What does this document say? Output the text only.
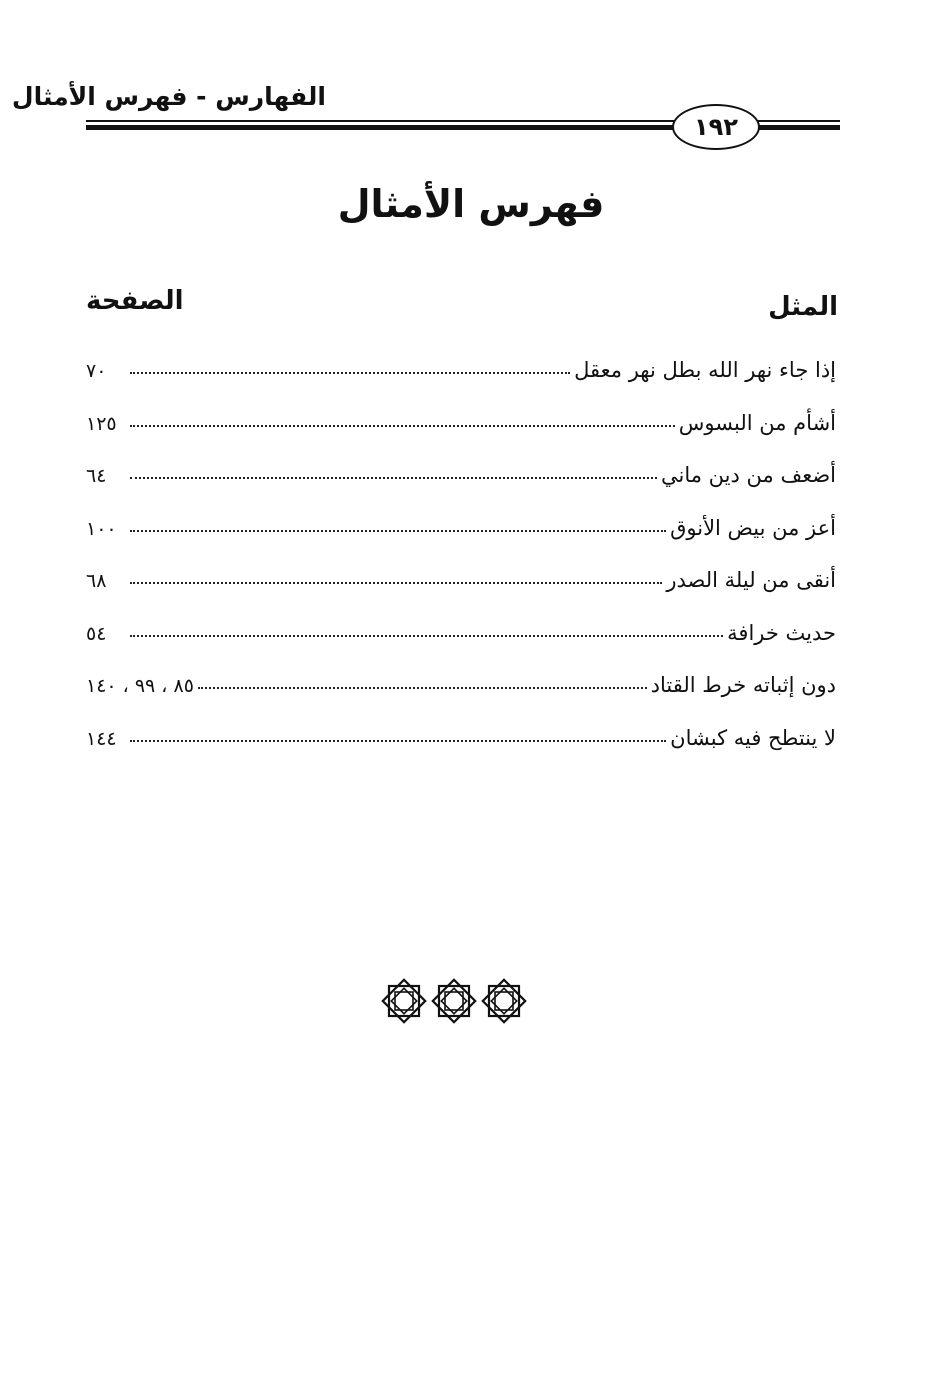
الفهارس - فهرس الأمثال
١٩٢
فهرس الأمثال
المثل
الصفحة
إذا جاء نهر الله بطل نهر معقل
٧٠
أشأم من البسوس
١٢٥
أضعف من دين ماني
٦٤
أعز من بيض الأنوق
١٠٠
أنقى من ليلة الصدر
٦٨
حديث خرافة
٥٤
دون إثباته خرط القتاد
٨٥ ، ٩٩ ، ١٤٠
لا ينتطح فيه كبشان
١٤٤
